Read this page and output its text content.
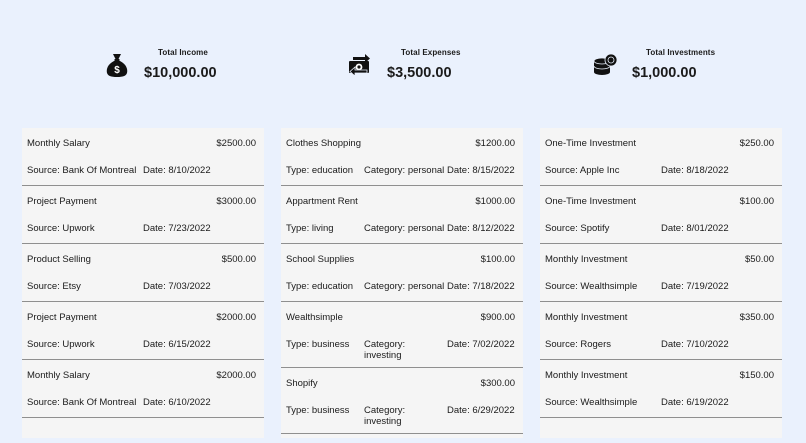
$
Total Income
$10,000.00
Total Expenses
$3,500.00
Total Investments
$1,000.00
Monthly Salary	$2500.00
Source: Bank Of Montreal Date: 8/10/2022
Project Payment	$3000.00
Source: Upwork	Date: 7/23/2022
Product Selling	$500.00
Source: Etsy	Date: 7/03/2022
Project Payment	$2000.00
Source: Upwork	Date: 6/15/2022
Monthly Salary	$2000.00
Source: Bank Of Montreal Date: 6/10/2022
Clothes Shopping	$1200.00
Type: education	Category: personal Date: 8/15/2022
Appartment Rent	$1000.00
Type: living	Category: personal Date: 8/12/2022
School Supplies	$100.00
Type: education	Category: personal Date: 7/18/2022
Wealthsimple	$900.00
Type: business	Category: investing
Date: 7/02/2022
Shopify	$300.00
Type: business	Category: investing
Date: 6/29/2022
One-Time Investment	$250.00
Source: Apple Inc	Date: 8/18/2022
One-Time Investment	$100.00
Source: Spotify	Date: 8/01/2022
Monthly Investment	$50.00
Source: Wealthsimple	Date: 7/19/2022
Monthly Investment	$350.00
Source: Rogers	Date: 7/10/2022
Monthly Investment	$150.00
Source: Wealthsimple	Date: 6/19/2022
